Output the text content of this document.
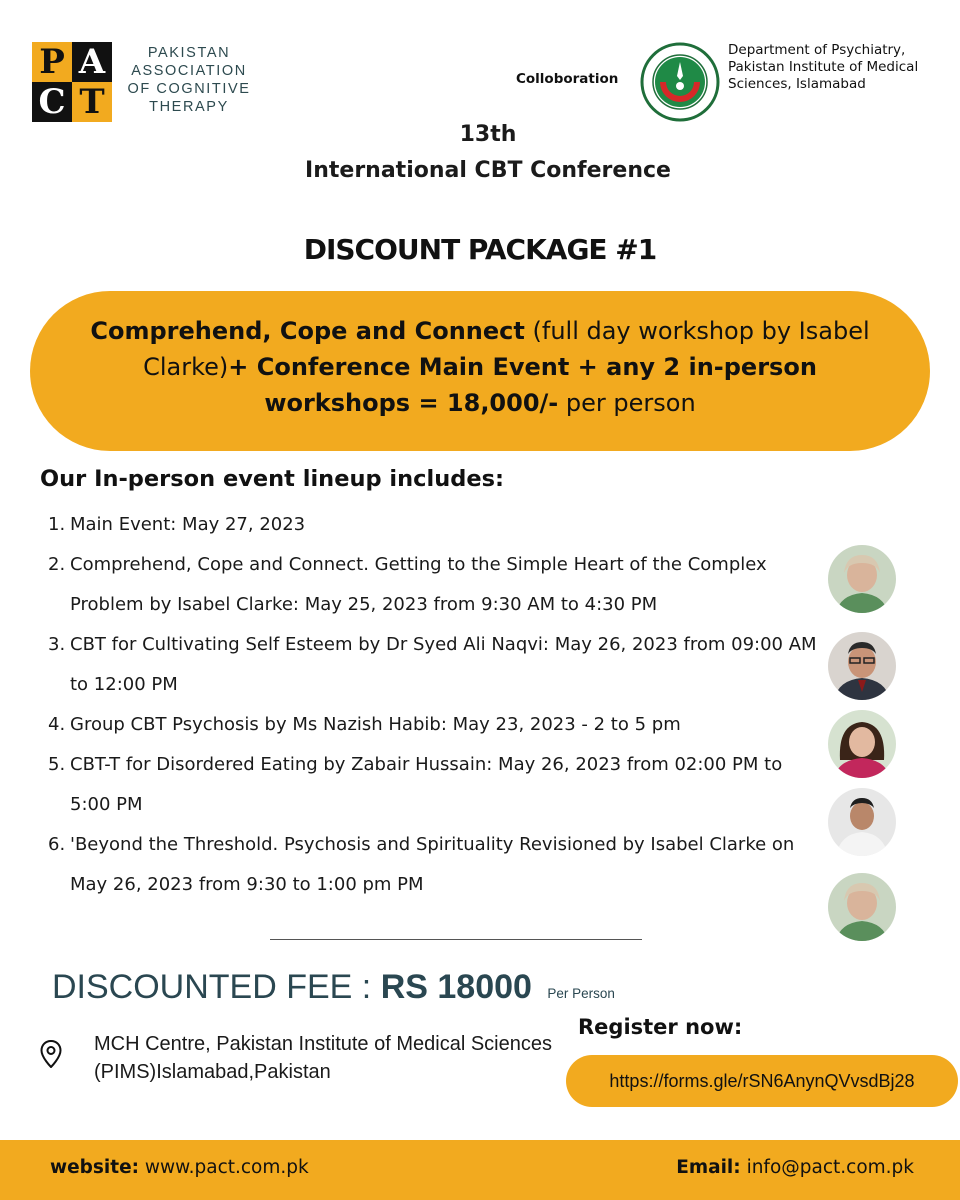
P A
C T
PAKISTAN ASSOCIATION OF COGNITIVE THERAPY
Colloboration
Department of Psychiatry, Pakistan Institute of Medical Sciences, Islamabad
13th
International CBT Conference
DISCOUNT PACKAGE #1
Comprehend, Cope and Connect (full day workshop by Isabel Clarke)+ Conference Main Event + any 2 in-person workshops = 18,000/- per person
Our In-person event lineup includes:
1. Main Event: May 27, 2023
2. Comprehend, Cope and Connect. Getting to the Simple Heart of the Complex Problem by Isabel Clarke: May 25, 2023 from 9:30 AM to 4:30 PM
3. CBT for Cultivating Self Esteem by Dr Syed Ali Naqvi: May 26, 2023 from 09:00 AM to 12:00 PM
4. Group CBT Psychosis by Ms Nazish Habib: May 23, 2023 - 2 to 5 pm
5. CBT-T for Disordered Eating by Zabair Hussain: May 26, 2023 from 02:00 PM to 5:00 PM
6. 'Beyond the Threshold. Psychosis and Spirituality Revisioned by Isabel Clarke on May 26, 2023 from 9:30 to 1:00 pm PM
DISCOUNTED FEE : RS 18000 Per Person
MCH Centre, Pakistan Institute of Medical Sciences (PIMS)Islamabad,Pakistan
Register now:
https://forms.gle/rSN6AnynQVvsdBj28
website: www.pact.com.pk	Email: info@pact.com.pk
